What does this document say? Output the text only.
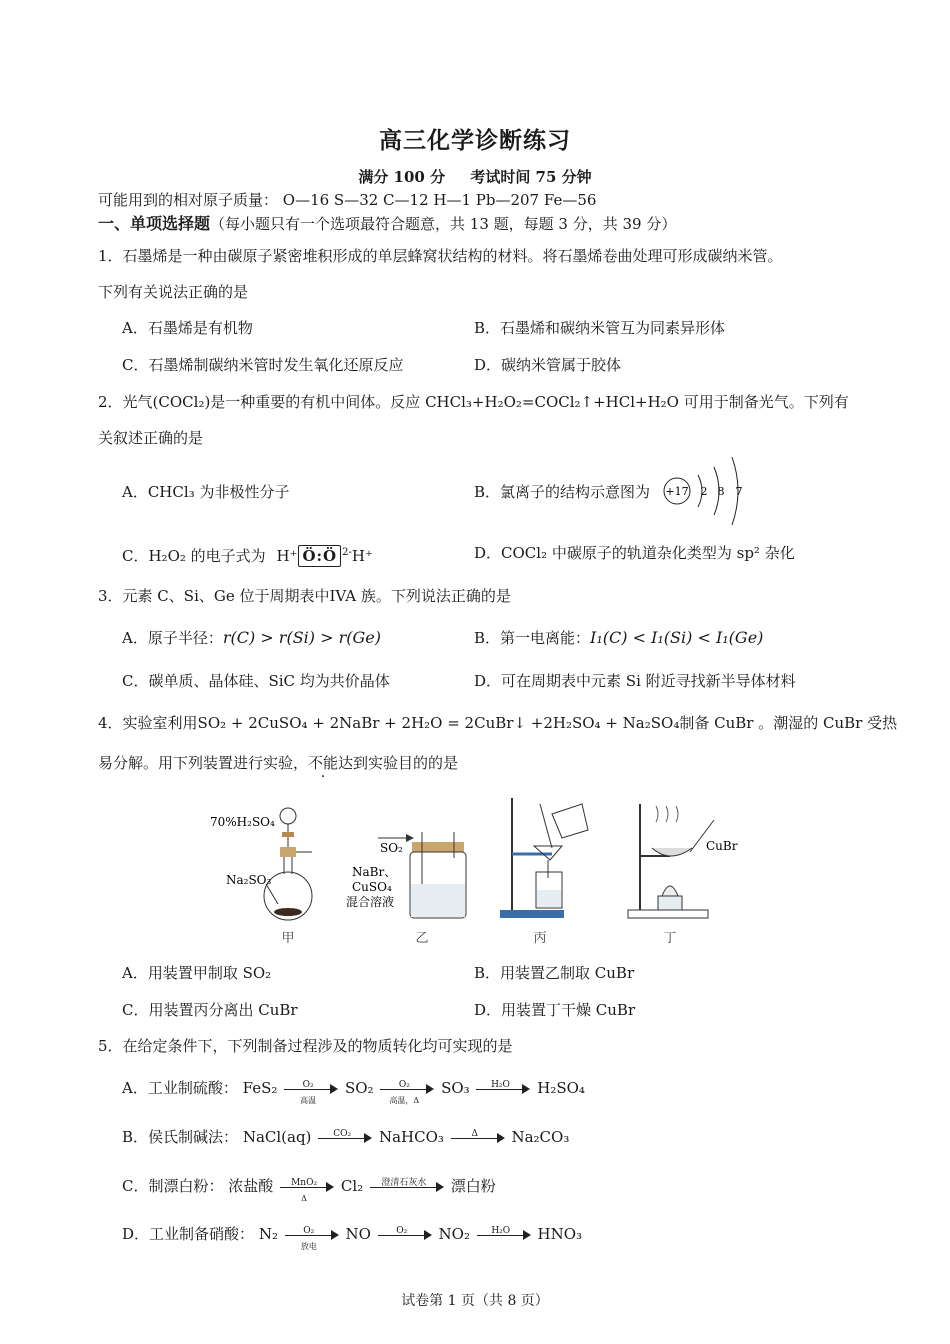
高三化学诊断练习
满分 100 分 考试时间 75 分钟
可能用到的相对原子质量： O—16 S—32 C—12 H—1 Pb—207 Fe—56
一、单项选择题（每小题只有一个选项最符合题意，共 13 题，每题 3 分，共 39 分）
1．石墨烯是一种由碳原子紧密堆积形成的单层蜂窝状结构的材料。将石墨烯卷曲处理可形成碳纳米管。
下列有关说法正确的是
A．石墨烯是有机物	B．石墨烯和碳纳米管互为同素异形体
C．石墨烯制碳纳米管时发生氧化还原反应	D．碳纳米管属于胶体
2．光气(COCl₂)是一种重要的有机中间体。反应 CHCl₃+H₂O₂=COCl₂↑+HCl+H₂O 可用于制备光气。下列有
关叙述正确的是
A．CHCl₃ 为非极性分子	B．氯离子的结构示意图为 +17 2 8 7
C．H₂O₂ 的电子式为 H⁺ Ö:Ö $^{2-}$H⁺	D．COCl₂ 中碳原子的轨道杂化类型为 sp² 杂化
3．元素 C、Si、Ge 位于周期表中IVA 族。下列说法正确的是
A．原子半径：r(C) > r(Si) > r(Ge)	B．第一电离能：I₁(C) < I₁(Si) < I₁(Ge)
C．碳单质、晶体硅、SiC 均为共价晶体	D．可在周期表中元素 Si 附近寻找新半导体材料
4．实验室利用SO₂ + 2CuSO₄ + 2NaBr + 2H₂O = 2CuBr↓ +2H₂SO₄ + Na₂SO₄制备 CuBr 。潮湿的 CuBr 受热
易分解。用下列装置进行实验，不能达到实验目的的是
70%H₂SO₄
Na₂SO₃
甲
SO₂
NaBr、
CuSO₄
混合溶液
乙	丙
CuBr
丁
A．用装置甲制取 SO₂	B．用装置乙制取 CuBr
C．用装置丙分离出 CuBr	D．用装置丁干燥 CuBr
5．在给定条件下，下列制备过程涉及的物质转化均可实现的是
A．工业制硫酸： FeS₂	O₂
高温
SO₂	O₂
高温，Δ
SO₃	H₂O	H₂SO₄
B．侯氏制碱法： NaCl(aq)	CO₂	NaHCO₃	Δ	Na₂CO₃
C．制漂白粉： 浓盐酸	MnO₂
Δ
Cl₂	澄清石灰水	漂白粉
D．工业制备硝酸： N₂	O₂
放电
NO	O₂	NO₂	H₂O	HNO₃
试卷第 1 页（共 8 页）
